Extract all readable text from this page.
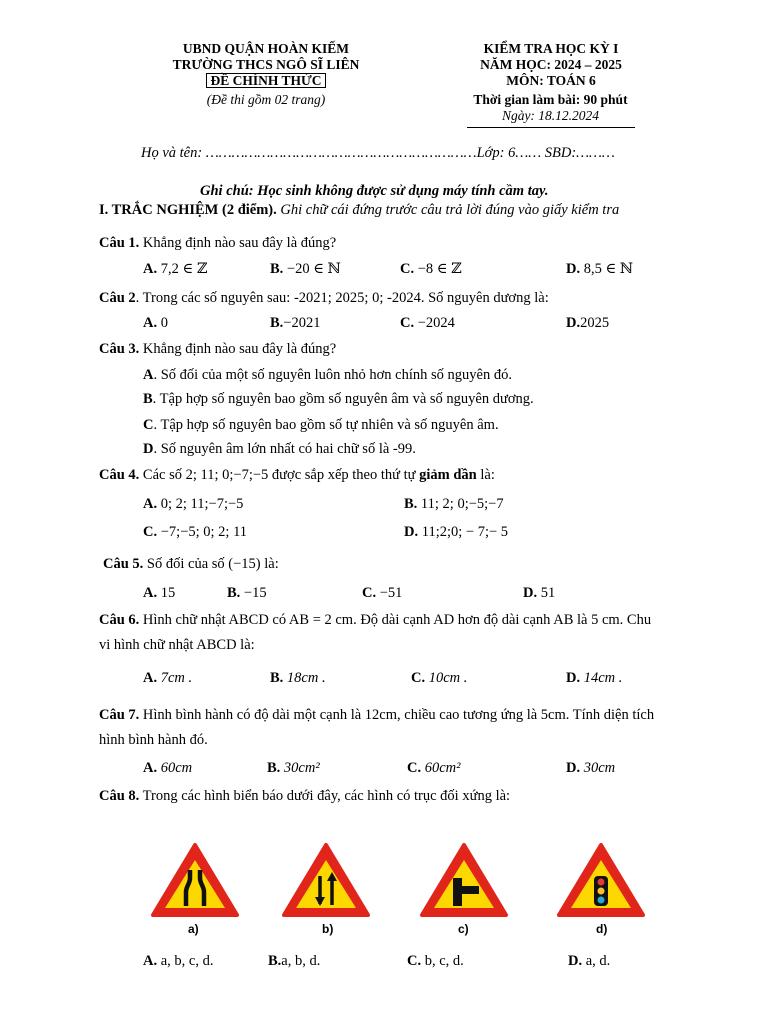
UBND QUẬN HOÀN KIẾM
TRƯỜNG THCS NGÔ SĨ LIÊN
ĐỀ CHÍNH THỨC
(Đề thi gồm 02 trang)
KIỂM TRA HỌC KỲ I
NĂM HỌC: 2024 – 2025
MÔN: TOÁN 6
Thời gian làm bài: 90 phút
Ngày: 18.12.2024
Họ và tên: ………………………………………………………Lớp: 6…… SBD:………
Ghi chú: Học sinh không được sử dụng máy tính cầm tay.
I. TRẮC NGHIỆM (2 điểm). Ghi chữ cái đứng trước câu trả lời đúng vào giấy kiểm tra
Câu 1. Khẳng định nào sau đây là đúng?
A. 7,2 ∈ ℤ	B. −20 ∈ ℕ	C. −8 ∈ ℤ	D. 8,5 ∈ ℕ
Câu 2. Trong các số nguyên sau: -2021; 2025; 0; -2024. Số nguyên dương là:
A. 0	B.−2021	C. −2024	D.2025
Câu 3. Khẳng định nào sau đây là đúng?
A. Số đối của một số nguyên luôn nhỏ hơn chính số nguyên đó.
B. Tập hợp số nguyên bao gồm số nguyên âm và số nguyên dương.
C. Tập hợp số nguyên bao gồm số tự nhiên và số nguyên âm.
D. Số nguyên âm lớn nhất có hai chữ số là -99.
Câu 4. Các số 2; 11; 0;−7;−5 được sắp xếp theo thứ tự giảm dần là:
A. 0; 2; 11;−7;−5	B. 11; 2; 0;−5;−7
C. −7;−5; 0; 2; 11	D. 11;2;0; − 7;− 5
Câu 5. Số đối của số (−15) là:
A. 15	B. −15	C. −51	D. 51
Câu 6. Hình chữ nhật ABCD có AB = 2 cm. Độ dài cạnh AD hơn độ dài cạnh AB là 5 cm. Chu
vi hình chữ nhật ABCD là:
A. 7cm .	B. 18cm .	C. 10cm .	D. 14cm .
Câu 7. Hình bình hành có độ dài một cạnh là 12cm, chiều cao tương ứng là 5cm. Tính diện tích
hình bình hành đó.
A. 60cm	B. 30cm²	C. 60cm²	D. 30cm
Câu 8. Trong các hình biển báo dưới đây, các hình có trục đối xứng là:
a)	b)	c)	d)
A. a, b, c, d.	B.a, b, d.	C. b, c, d.	D. a, d.
